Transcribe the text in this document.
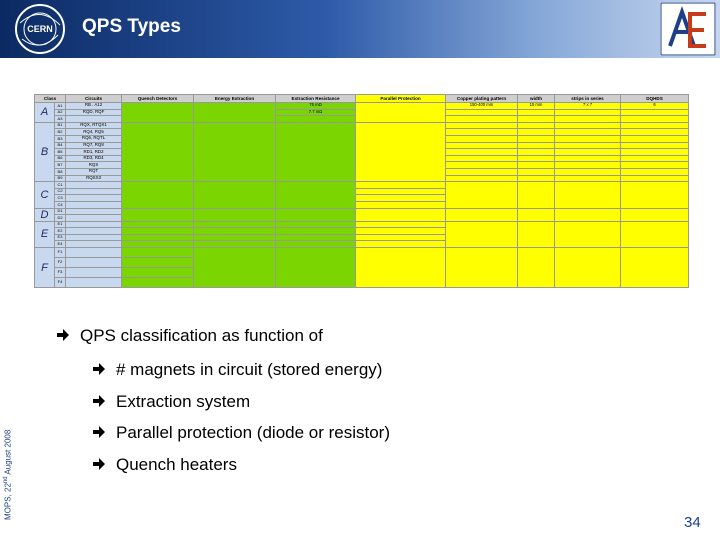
CERN QPS Types
MOPS, 22nd August 2008
Class		Circuits	Quench Detectors	Energy Extraction	Extraction Resistance	Parallel Protection	Copper plating pattern	width	strips in series	DQHDS
A	A1	RB . A12			75 mΩ		150-400 mm	15 mm	7 x 7	6
	A2	RQD, RQF			7.7 mΩ					
	A3									
B	B1	RQX, RTQX1								
	B2	RQ4, RQ5								
	B3	RQ6, RQTL								
	B4	RQ7, RQ8								
	B5	RD1, RD2								
	B6	RD3, RD4								
	B7	RQS								
	B8	RQT								
	B9	RQSX3								
C	C1									
	C2									
	C3									
	C4									
D	D1									
	D2									
E	E1									
	E2									
	E3									
	E4									
F	F1									
	F2									
	F3									
	F4									
QPS classification as function of
# magnets in circuit (stored energy)
Extraction system
Parallel protection (diode or resistor)
Quench heaters
34
